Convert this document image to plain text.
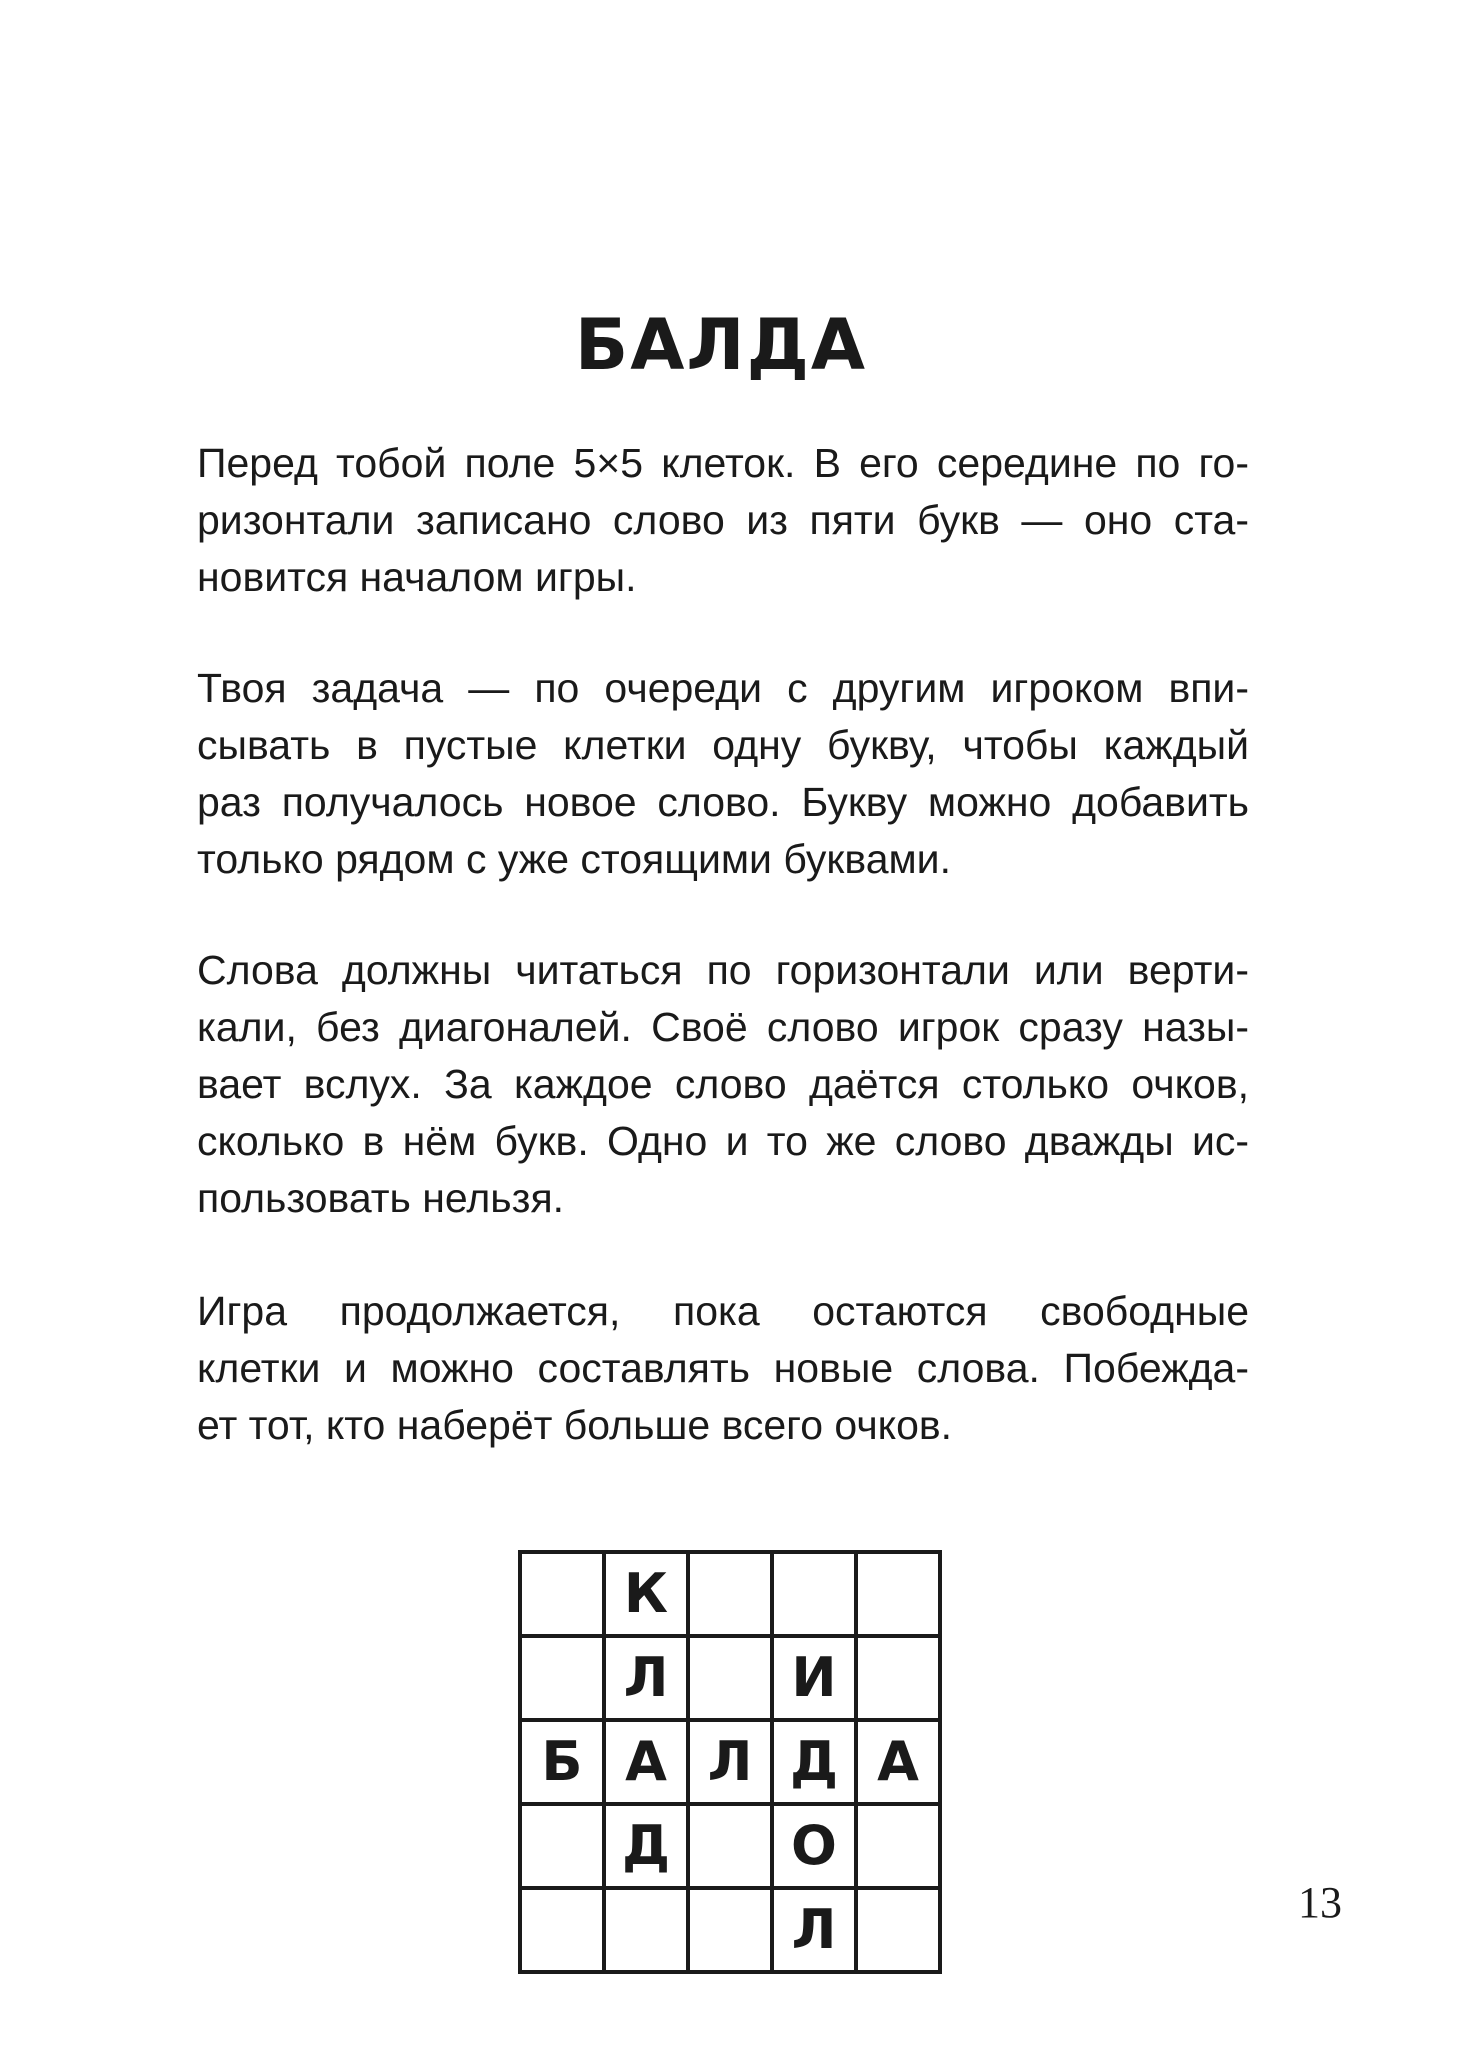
БАЛДА
Перед тобой поле 5×5 клеток. В его середине по го-
ризонтали записано слово из пяти букв — оно ста-
новится началом игры.
Твоя задача — по очереди с другим игроком впи-
сывать в пустые клетки одну букву, чтобы каждый
раз получалось новое слово. Букву можно добавить
только рядом с уже стоящими буквами.
Слова должны читаться по горизонтали или верти-
кали, без диагоналей. Своё слово игрок сразу назы-
вает вслух. За каждое слово даётся столько очков,
сколько в нём букв. Одно и то же слово дважды ис-
пользовать нельзя.
Игра продолжается, пока остаются свободные
клетки и можно составлять новые слова. Побежда-
ет тот, кто наберёт больше всего очков.
	К			
	Л		И	
Б	А	Л	Д	А
	Д		О	
			Л		13
